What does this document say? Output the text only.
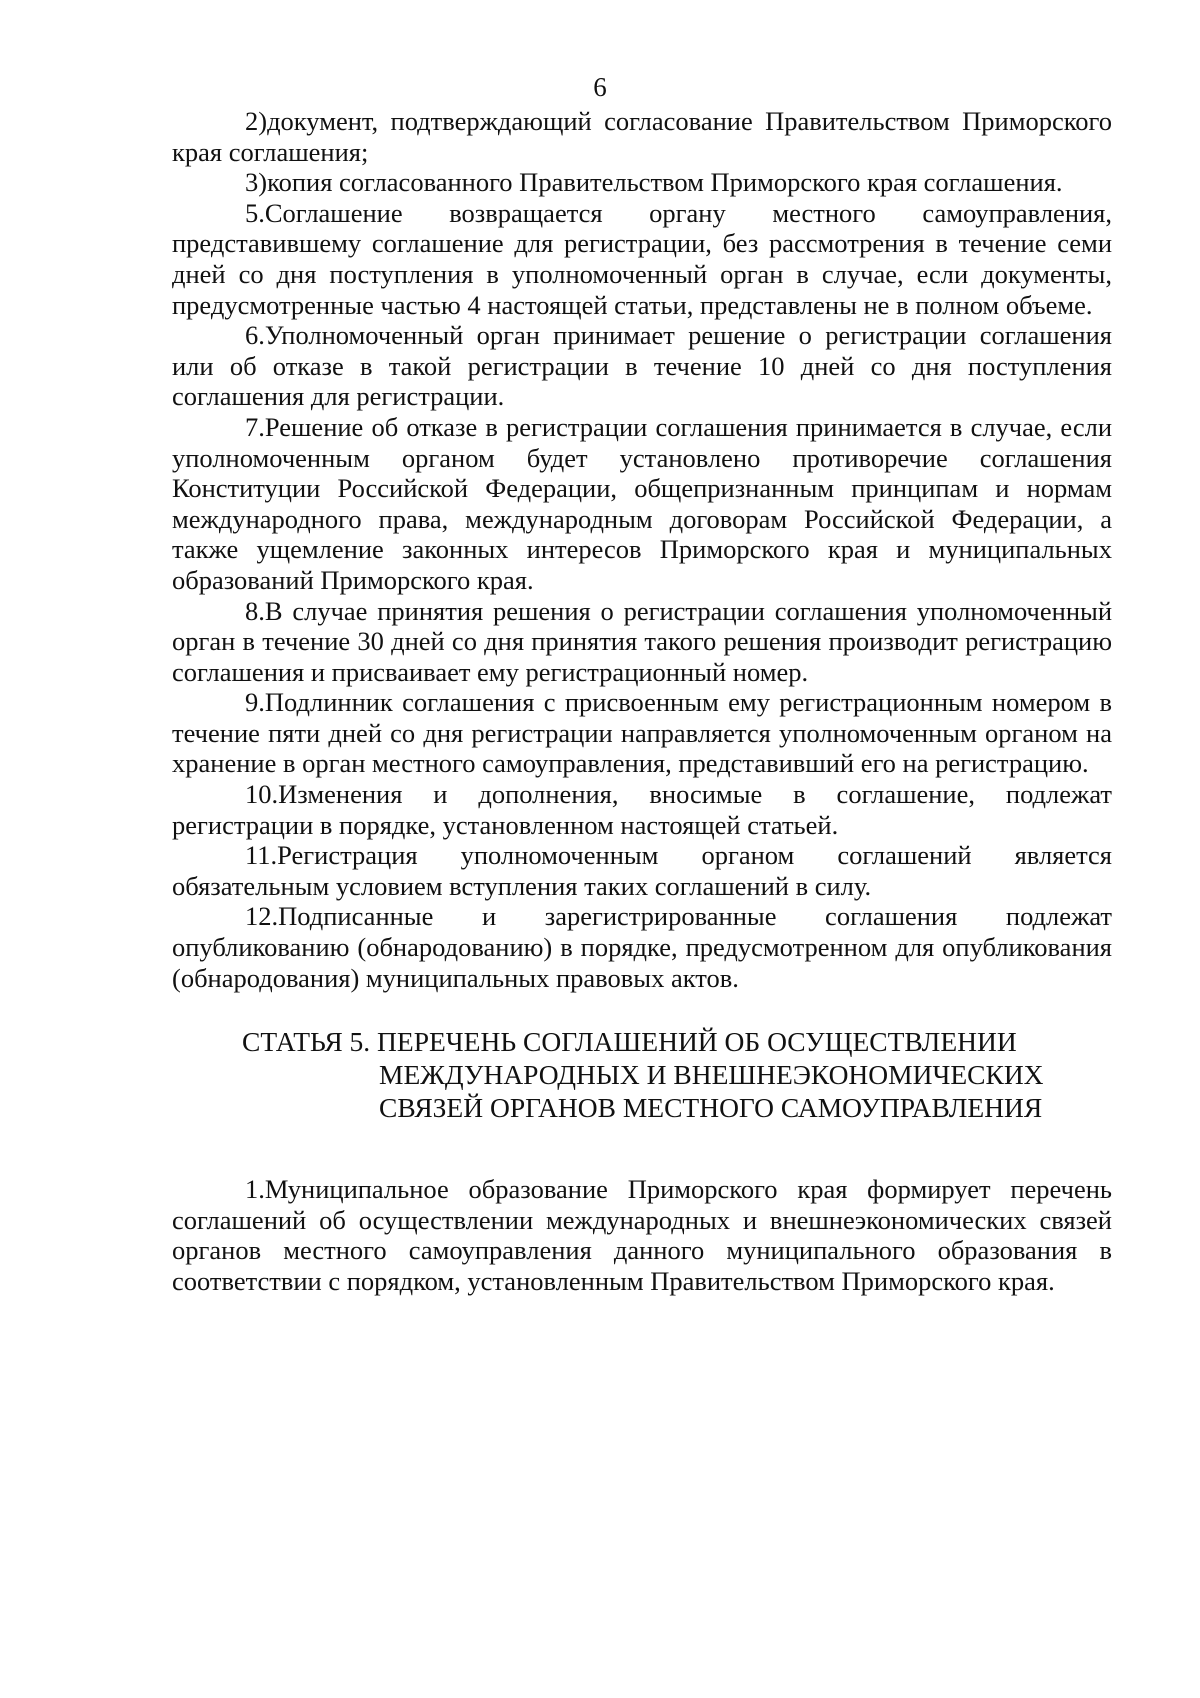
6

2)документ, подтверждающий согласование Правительством Приморского края соглашения;

3)копия согласованного Правительством Приморского края соглашения.

5.Соглашение возвращается органу местного самоуправления, представившему соглашение для регистрации, без рассмотрения в течение семи дней со дня поступления в уполномоченный орган в случае, если документы, предусмотренные частью 4 настоящей статьи, представлены не в полном объеме.

6.Уполномоченный орган принимает решение о регистрации соглашения или об отказе в такой регистрации в течение 10 дней со дня поступления соглашения для регистрации.

7.Решение об отказе в регистрации соглашения принимается в случае, если уполномоченным органом будет установлено противоречие соглашения Конституции Российской Федерации, общепризнанным принципам и нормам международного права, международным договорам Российской Федерации, а также ущемление законных интересов Приморского края и муниципальных образований Приморского края.

8.В случае принятия решения о регистрации соглашения уполномоченный орган в течение 30 дней со дня принятия такого решения производит регистрацию соглашения и присваивает ему регистрационный номер.

9.Подлинник соглашения с присвоенным ему регистрационным номером в течение пяти дней со дня регистрации направляется уполномоченным органом на хранение в орган местного самоуправления, представивший его на регистрацию.

10.Изменения и дополнения, вносимые в соглашение, подлежат регистрации в порядке, установленном настоящей статьей.

11.Регистрация уполномоченным органом соглашений является обязательным условием вступления таких соглашений в силу.

12.Подписанные и зарегистрированные соглашения подлежат опубликованию (обнародованию) в порядке, предусмотренном для опубликования (обнародования) муниципальных правовых актов.

СТАТЬЯ 5. ПЕРЕЧЕНЬ СОГЛАШЕНИЙ ОБ ОСУЩЕСТВЛЕНИИ
МЕЖДУНАРОДНЫХ И ВНЕШНЕЭКОНОМИЧЕСКИХ
СВЯЗЕЙ ОРГАНОВ МЕСТНОГО САМОУПРАВЛЕНИЯ

1.Муниципальное образование Приморского края формирует перечень соглашений об осуществлении международных и внешнеэкономических связей органов местного самоуправления данного муниципального образования в соответствии с порядком, установленным Правительством Приморского края.
